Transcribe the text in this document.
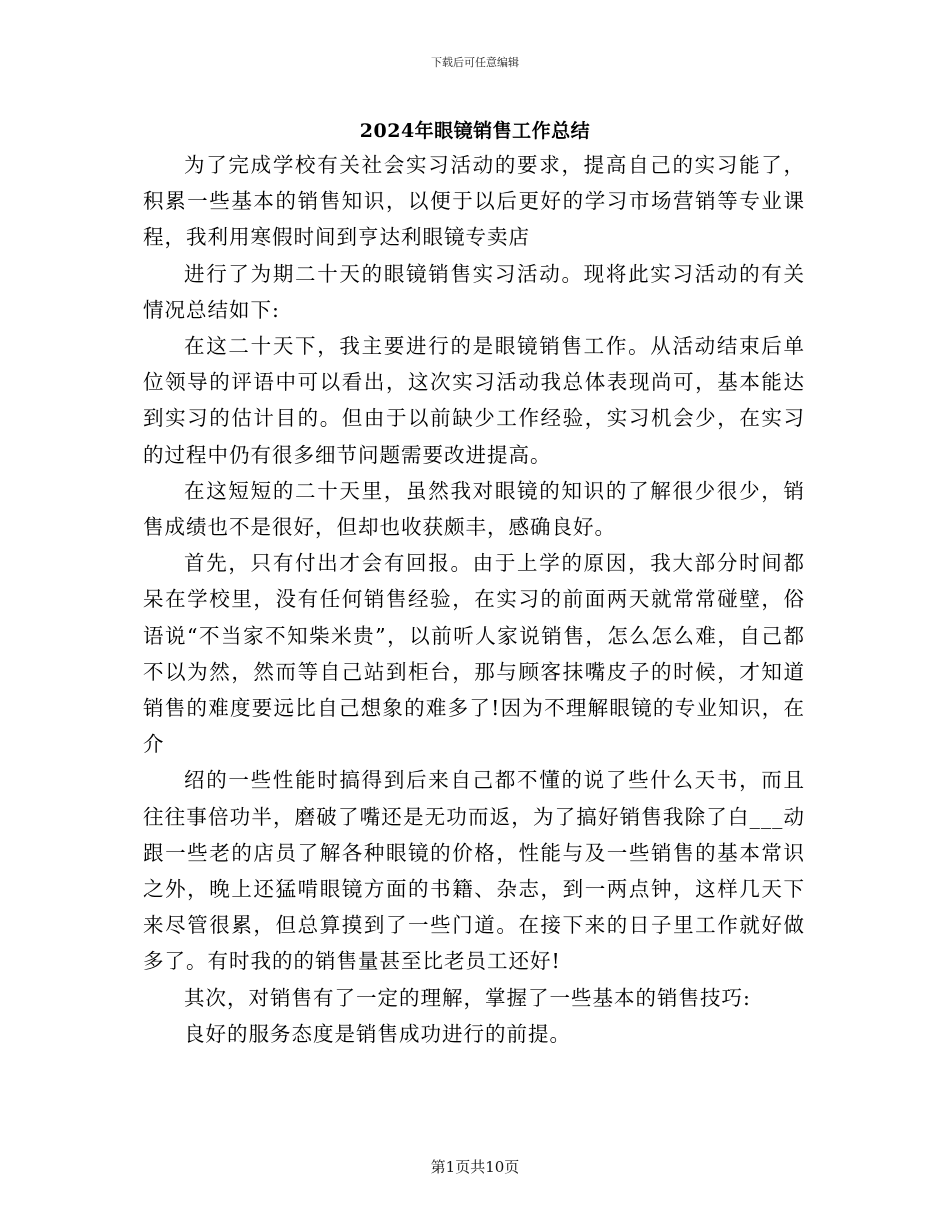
下载后可任意编辑
2024年眼镜销售工作总结

为了完成学校有关社会实习活动的要求，提高自己的实习能了，积累一些基本的销售知识，以便于以后更好的学习市场营销等专业课程，我利用寒假时间到亨达利眼镜专卖店

进行了为期二十天的眼镜销售实习活动。现将此实习活动的有关情况总结如下:

在这二十天下，我主要进行的是眼镜销售工作。从活动结束后单位领导的评语中可以看出，这次实习活动我总体表现尚可，基本能达到实习的估计目的。但由于以前缺少工作经验，实习机会少，在实习的过程中仍有很多细节问题需要改进提高。

在这短短的二十天里，虽然我对眼镜的知识的了解很少很少，销售成绩也不是很好，但却也收获颇丰，感确良好。

首先，只有付出才会有回报。由于上学的原因，我大部分时间都呆在学校里，没有任何销售经验，在实习的前面两天就常常碰壁，俗语说“不当家不知柴米贵”，以前听人家说销售，怎么怎么难，自己都不以为然，然而等自己站到柜台，那与顾客抹嘴皮子的时候，才知道销售的难度要远比自己想象的难多了!因为不理解眼镜的专业知识，在介

绍的一些性能时搞得到后来自己都不懂的说了些什么天书，而且往往事倍功半，磨破了嘴还是无功而返，为了搞好销售我除了白___动跟一些老的店员了解各种眼镜的价格，性能与及一些销售的基本常识之外，晚上还猛啃眼镜方面的书籍、杂志，到一两点钟，这样几天下来尽管很累，但总算摸到了一些门道。在接下来的日子里工作就好做多了。有时我的的销售量甚至比老员工还好!

其次，对销售有了一定的理解，掌握了一些基本的销售技巧:

良好的服务态度是销售成功进行的前提。

第1页共10页
